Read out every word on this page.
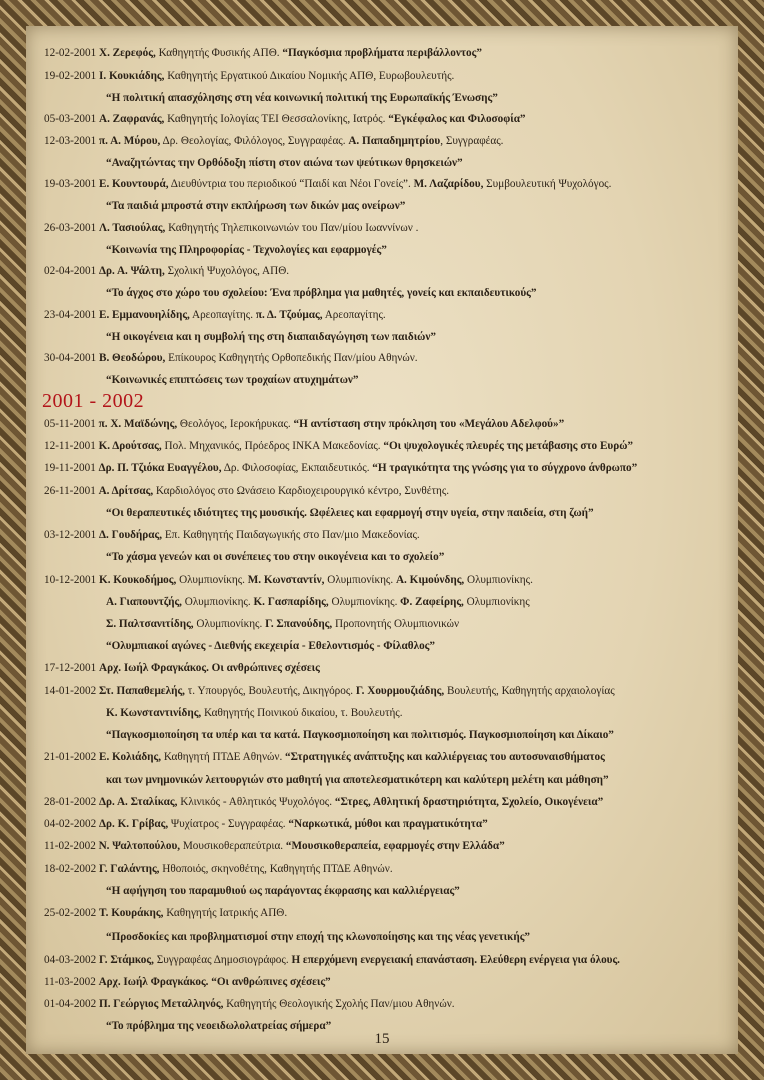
12-02-2001 Χ. Ζερεφός, Καθηγητής Φυσικής ΑΠΘ. “Παγκόσμια προβλήματα περιβάλλοντος”
19-02-2001 Ι. Κουκιάδης, Καθηγητής Εργατικού Δικαίου Νομικής ΑΠΘ, Ευρωβουλευτής.
“Η πολιτική απασχόλησης στη νέα κοινωνική πολιτική της Ευρωπαϊκής Ένωσης”
05-03-2001 Α. Ζαφρανάς, Καθηγητής Ιολογίας ΤΕΙ Θεσσαλονίκης, Ιατρός. “Εγκέφαλος και Φιλοσοφία”
12-03-2001 π. Α. Μύρου, Δρ. Θεολογίας, Φιλόλογος, Συγγραφέας. Α. Παπαδημητρίου, Συγγραφέας.
“Αναζητώντας την Ορθόδοξη πίστη στον αιώνα των ψεύτικων θρησκειών”
19-03-2001 Ε. Κουντουρά, Διευθύντρια του περιοδικού “Παιδί και Νέοι Γονείς”. Μ. Λαζαρίδου, Συμβουλευτική Ψυχολόγος.
“Τα παιδιά μπροστά στην εκπλήρωση των δικών μας ονείρων”
26-03-2001 Λ. Τασιούλας, Καθηγητής Τηλεπικοινωνιών του Παν/μίου Ιωαννίνων .
“Κοινωνία της Πληροφορίας - Τεχνολογίες και εφαρμογές”
02-04-2001 Δρ. Α. Ψάλτη, Σχολική Ψυχολόγος, ΑΠΘ.
“Το άγχος στο χώρο του σχολείου: Ένα πρόβλημα για μαθητές, γονείς και εκπαιδευτικούς”
23-04-2001 Ε. Εμμανουηλίδης, Αρεοπαγίτης. π. Δ. Τζούμας, Αρεοπαγίτης.
“Η οικογένεια και η συμβολή της στη διαπαιδαγώγηση των παιδιών”
30-04-2001 Β. Θεοδώρου, Επίκουρος Καθηγητής Ορθοπεδικής Παν/μίου Αθηνών.
“Κοινωνικές επιπτώσεις των τροχαίων ατυχημάτων”
05-11-2001 π. Χ. Μαϊδώνης, Θεολόγος, Ιεροκήρυκας. “Η αντίσταση στην πρόκληση του «Μεγάλου Αδελφού»”
12-11-2001 Κ. Δρούτσας, Πολ. Μηχανικός, Πρόεδρος ΙΝΚΑ Μακεδονίας. “Οι ψυχολογικές πλευρές της μετάβασης στο Ευρώ”
19-11-2001 Δρ. Π. Τζιόκα Ευαγγέλου, Δρ. Φιλοσοφίας, Εκπαιδευτικός. “Η τραγικότητα της γνώσης για το σύγχρονο άνθρωπο”
26-11-2001 Α. Δρίτσας, Καρδιολόγος στο Ωνάσειο Καρδιοχειρουργικό κέντρο, Συνθέτης.
“Οι θεραπευτικές ιδιότητες της μουσικής. Ωφέλειες και εφαρμογή στην υγεία, στην παιδεία, στη ζωή”
03-12-2001 Δ. Γουδήρας, Επ. Καθηγητής Παιδαγωγικής στο Παν/μιο Μακεδονίας.
“Το χάσμα γενεών και οι συνέπειες του στην οικογένεια και το σχολείο”
10-12-2001 Κ. Κουκοδήμος, Ολυμπιονίκης. Μ. Κωνσταντίν, Ολυμπιονίκης. Α. Κιμούνδης, Ολυμπιονίκης.
Α. Γιαπουντζής, Ολυμπιονίκης. Κ. Γασπαρίδης, Ολυμπιονίκης. Φ. Ζαφείρης, Ολυμπιονίκης
Σ. Παλτσανιτίδης, Ολυμπιονίκης. Γ. Σπανούδης, Προπονητής Ολυμπιονικών
“Ολυμπιακοί αγώνες - Διεθνής εκεχειρία - Εθελοντισμός - Φίλαθλος”
17-12-2001 Αρχ. Ιωήλ Φραγκάκος. Οι ανθρώπινες σχέσεις
14-01-2002 Στ. Παπαθεμελής, τ. Υπουργός, Βουλευτής, Δικηγόρος. Γ. Χουρμουζιάδης, Βουλευτής, Καθηγητής αρχαιολογίας
Κ. Κωνσταντινίδης, Καθηγητής Ποινικού δικαίου, τ. Βουλευτής.
“Παγκοσμιοποίηση τα υπέρ και τα κατά. Παγκοσμιοποίηση και πολιτισμός. Παγκοσμιοποίηση και Δίκαιο”
21-01-2002 Ε. Κολιάδης, Καθηγητή ΠΤΔΕ Αθηνών. “Στρατηγικές ανάπτυξης και καλλιέργειας του αυτοσυναισθήματος
και των μνημονικών λειτουργιών στο μαθητή για αποτελεσματικότερη και καλύτερη μελέτη και μάθηση”
28-01-2002 Δρ. Α. Σταλίκας, Κλινικός - Αθλητικός Ψυχολόγος. “Στρες, Αθλητική δραστηριότητα, Σχολείο, Οικογένεια”
04-02-2002 Δρ. Κ. Γρίβας, Ψυχίατρος - Συγγραφέας. “Ναρκωτικά, μύθοι και πραγματικότητα”
11-02-2002 Ν. Ψαλτοπούλου, Μουσικοθεραπεύτρια. “Μουσικοθεραπεία, εφαρμογές στην Ελλάδα”
18-02-2002 Γ. Γαλάντης, Ηθοποιός, σκηνοθέτης, Καθηγητής ΠΤΔΕ Αθηνών.
“Η αφήγηση του παραμυθιού ως παράγοντας έκφρασης και καλλιέργειας”
25-02-2002 Τ. Κουράκης, Καθηγητής Ιατρικής ΑΠΘ.
“Προσδοκίες και προβληματισμοί στην εποχή της κλωνοποίησης και της νέας γενετικής”
04-03-2002 Γ. Στάμκος, Συγγραφέας Δημοσιογράφος. Η επερχόμενη ενεργειακή επανάσταση. Ελεύθερη ενέργεια για όλους.
11-03-2002 Αρχ. Ιωήλ Φραγκάκος. “Οι ανθρώπινες σχέσεις”
01-04-2002 Π. Γεώργιος Μεταλληνός, Καθηγητής Θεολογικής Σχολής Παν/μιου Αθηνών.
“Το πρόβλημα της νεοειδωλολατρείας σήμερα”
2001 - 2002
15
